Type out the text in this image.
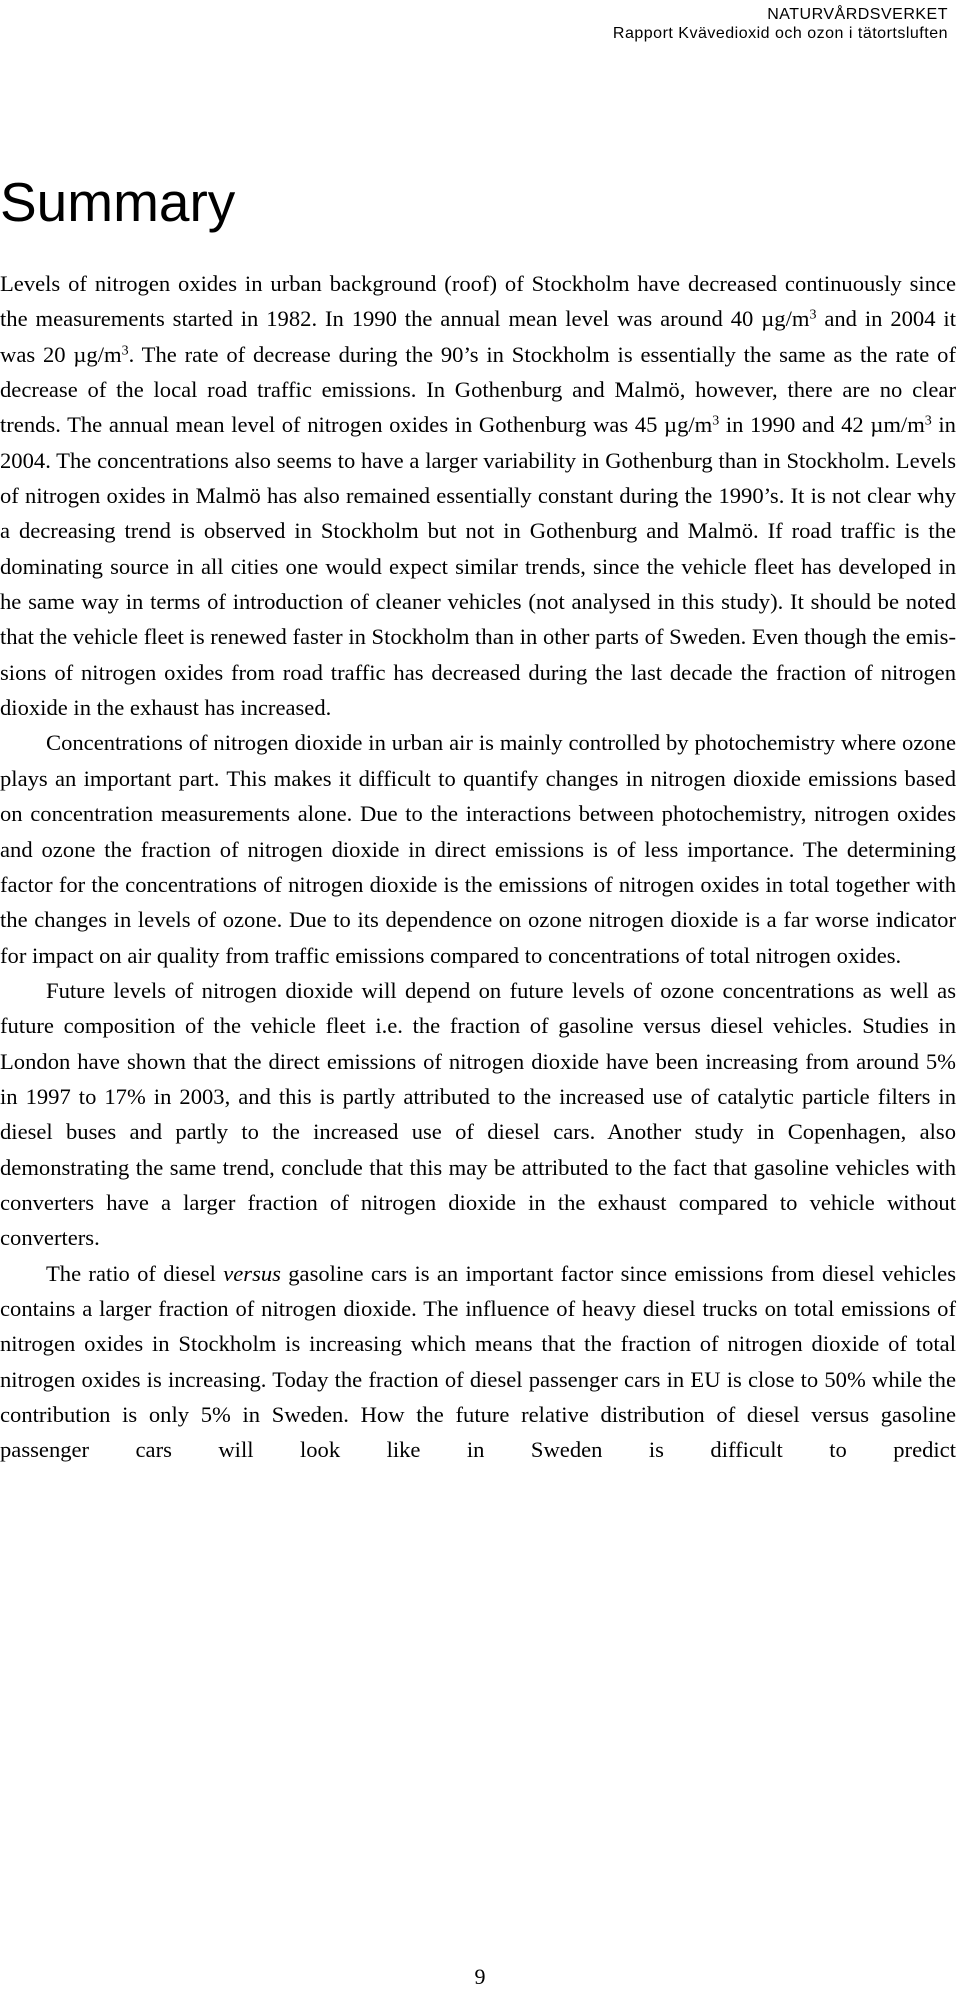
NATURVÅRDSVERKET
Rapport Kvävedioxid och ozon i tätortsluften
Summary

Levels of nitrogen oxides in urban background (roof) of Stockholm have decreased continuously since the measurements started in 1982. In 1990 the annual mean level was around 40 $\mu g/m^3$ and in 2004 it was 20 $\mu g/m^3$. The rate of decrease during the 90’s in Stockholm is essentially the same as the rate of decrease of the local road traffic emissions. In Gothenburg and Malmö, however, there are no clear trends. The annual mean level of nitrogen oxides in Gothenburg was 45 $\mu g/m^3$ in 1990 and 42 $\mu m/m^3$ in 2004. The concentrations also seems to have a larger variability in Gothenburg than in Stockholm. Levels of nitrogen oxides in Malmö has also remained essentially constant during the 1990’s. It is not clear why a decreasing trend is observed in Stockholm but not in Gothenburg and Malmö. If road traffic is the dominating source in all cities one would expect similar trends, since the vehicle fleet has developed in he same way in terms of introduction of cleaner vehicles (not analysed in this study). It should be noted that the vehicle fleet is renewed faster in Stockholm than in other parts of Sweden. Even though the emissions of nitrogen oxides from road traffic has decreased during the last decade the fraction of nitrogen dioxide in the exhaust has increased.

Concentrations of nitrogen dioxide in urban air is mainly controlled by photochemistry where ozone plays an important part. This makes it difficult to quantify changes in nitrogen dioxide emissions based on concentration measurements alone. Due to the interactions between photochemistry, nitrogen oxides and ozone the fraction of nitrogen dioxide in direct emissions is of less importance. The determining factor for the concentrations of nitrogen dioxide is the emissions of nitrogen oxides in total together with the changes in levels of ozone. Due to its dependence on ozone nitrogen dioxide is a far worse indicator for impact on air quality from traffic emissions compared to concentrations of total nitrogen oxides.

Future levels of nitrogen dioxide will depend on future levels of ozone concentrations as well as future composition of the vehicle fleet i.e. the fraction of gasoline versus diesel vehicles. Studies in London have shown that the direct emissions of nitrogen dioxide have been increasing from around 5% in 1997 to 17% in 2003, and this is partly attributed to the increased use of catalytic particle filters in diesel buses and partly to the increased use of diesel cars. Another study in Copenhagen, also demonstrating the same trend, conclude that this may be attributed to the fact that gasoline vehicles with converters have a larger fraction of nitrogen dioxide in the exhaust compared to vehicle without converters.

The ratio of diesel versus gasoline cars is an important factor since emissions from diesel vehicles contains a larger fraction of nitrogen dioxide. The influence of heavy diesel trucks on total emissions of nitrogen oxides in Stockholm is increasing which means that the fraction of nitrogen dioxide of total nitrogen oxides is increasing. Today the fraction of diesel passenger cars in EU is close to 50% while the contribution is only 5% in Sweden. How the future relative distribution of diesel versus gasoline passenger cars will look like in Sweden is difficult to predict

9
